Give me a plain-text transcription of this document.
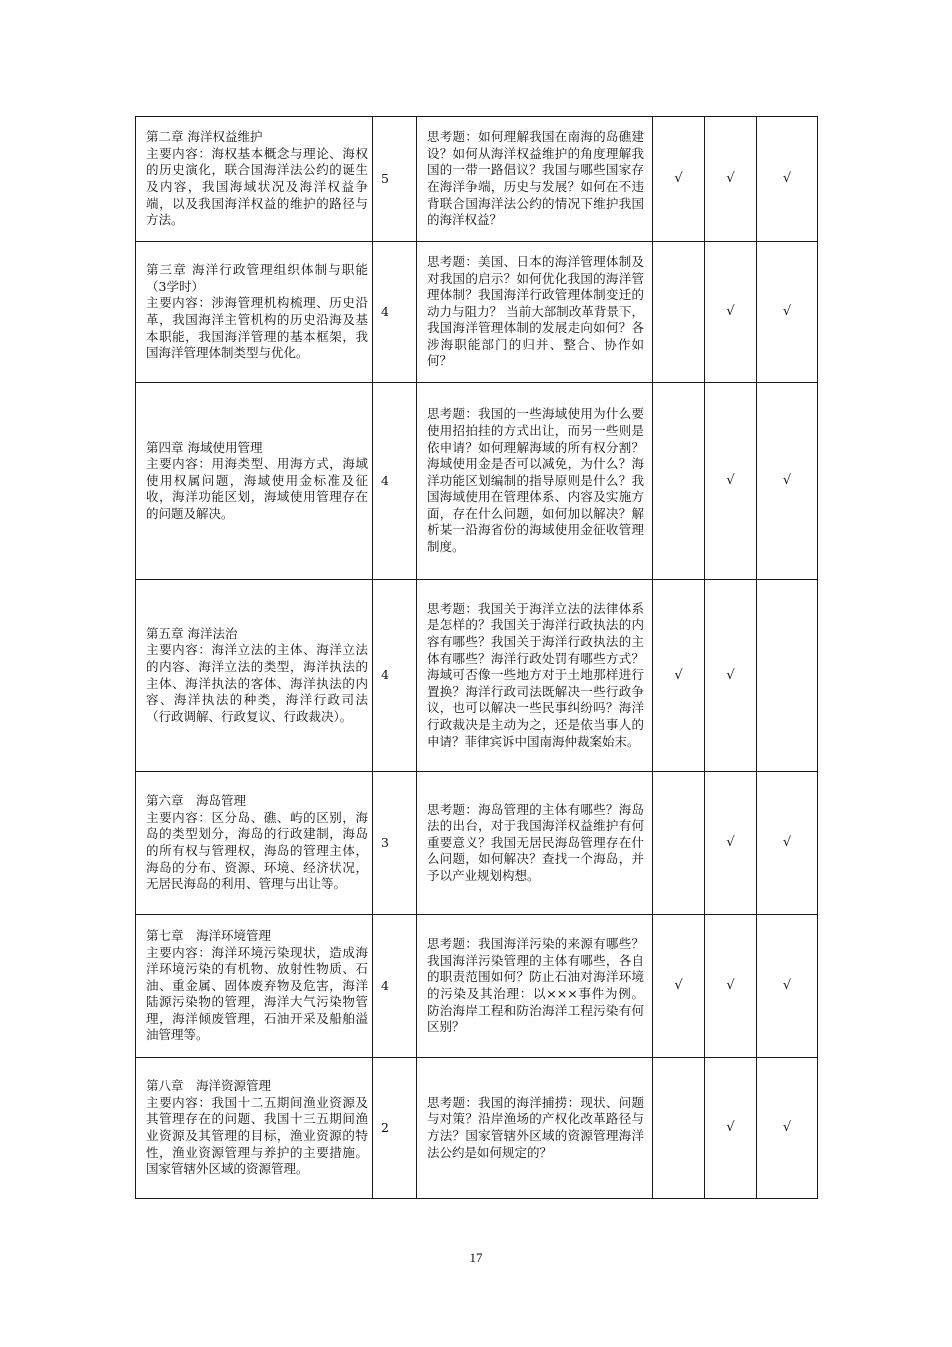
第二章 海洋权益维护
主要内容：海权基本概念与理论、海权的历史演化，联合国海洋法公约的诞生及内容，我国海域状况及海洋权益争端，以及我国海洋权益的维护的路径与方法。	5	思考题：如何理解我国在南海的岛礁建设？如何从海洋权益维护的角度理解我国的一带一路倡议？我国与哪些国家存在海洋争端，历史与发展？如何在不违背联合国海洋法公约的情况下维护我国的海洋权益？	√	√	√

第三章 海洋行政管理组织体制与职能 （3学时）
主要内容：涉海管理机构梳理、历史沿革，我国海洋主管机构的历史沿海及基本职能，我国海洋管理的基本框架，我国海洋管理体制类型与优化。	4	思考题：美国、日本的海洋管理体制及对我国的启示？如何优化我国的海洋管理体制？我国海洋行政管理体制变迁的动力与阻力？ 当前大部制改革背景下，我国海洋管理体制的发展走向如何？各涉海职能部门的归并、整合、协作如何？		√	√

第四章 海域使用管理
主要内容：用海类型、用海方式，海域使用权属问题，海域使用金标准及征收，海洋功能区划，海域使用管理存在的问题及解决。	4	思考题：我国的一些海域使用为什么要使用招拍挂的方式出让，而另一些则是依申请？如何理解海域的所有权分割？海域使用金是否可以减免，为什么？海洋功能区划编制的指导原则是什么？我国海域使用在管理体系、内容及实施方面，存在什么问题，如何加以解决？解析某一沿海省份的海域使用金征收管理制度。		√	√

第五章 海洋法治
主要内容：海洋立法的主体、海洋立法的内容、海洋立法的类型，海洋执法的主体、海洋执法的客体、海洋执法的内容、海洋执法的种类，海洋行政司法（行政调解、行政复议、行政裁决）。	4	思考题：我国关于海洋立法的法律体系是怎样的？我国关于海洋行政执法的内容有哪些？我国关于海洋行政执法的主体有哪些？海洋行政处罚有哪些方式？海域可否像一些地方对于土地那样进行置换？海洋行政司法既解决一些行政争议，也可以解决一些民事纠纷吗？海洋行政裁决是主动为之，还是依当事人的申请？菲律宾诉中国南海仲裁案始末。	√	√	

第六章　海岛管理
主要内容：区分岛、礁、屿的区别，海岛的类型划分，海岛的行政建制，海岛的所有权与管理权，海岛的管理主体，海岛的分布、资源、环境、经济状况，无居民海岛的利用、管理与出让等。	3	思考题：海岛管理的主体有哪些？海岛法的出台，对于我国海洋权益维护有何重要意义？我国无居民海岛管理存在什么问题，如何解决？查找一个海岛，并予以产业规划构想。		√	√

第七章　海洋环境管理
主要内容：海洋环境污染现状，造成海洋环境污染的有机物、放射性物质、石油、重金属、固体废弃物及危害，海洋陆源污染物的管理，海洋大气污染物管理，海洋倾废管理，石油开采及船舶溢油管理等。	4	思考题：我国海洋污染的来源有哪些？我国海洋污染管理的主体有哪些，各自的职责范围如何？防止石油对海洋环境的污染及其治理：以×××事件为例。防治海岸工程和防治海洋工程污染有何区别？	√	√	√

第八章　海洋资源管理
主要内容：我国十二五期间渔业资源及其管理存在的问题、我国十三五期间渔业资源及其管理的目标，渔业资源的特性，渔业资源管理与养护的主要措施。国家管辖外区域的资源管理。	2	思考题：我国的海洋捕捞：现状、问题与对策？沿岸渔场的产权化改革路径与方法？国家管辖外区域的资源管理海洋法公约是如何规定的？		√	√
17
